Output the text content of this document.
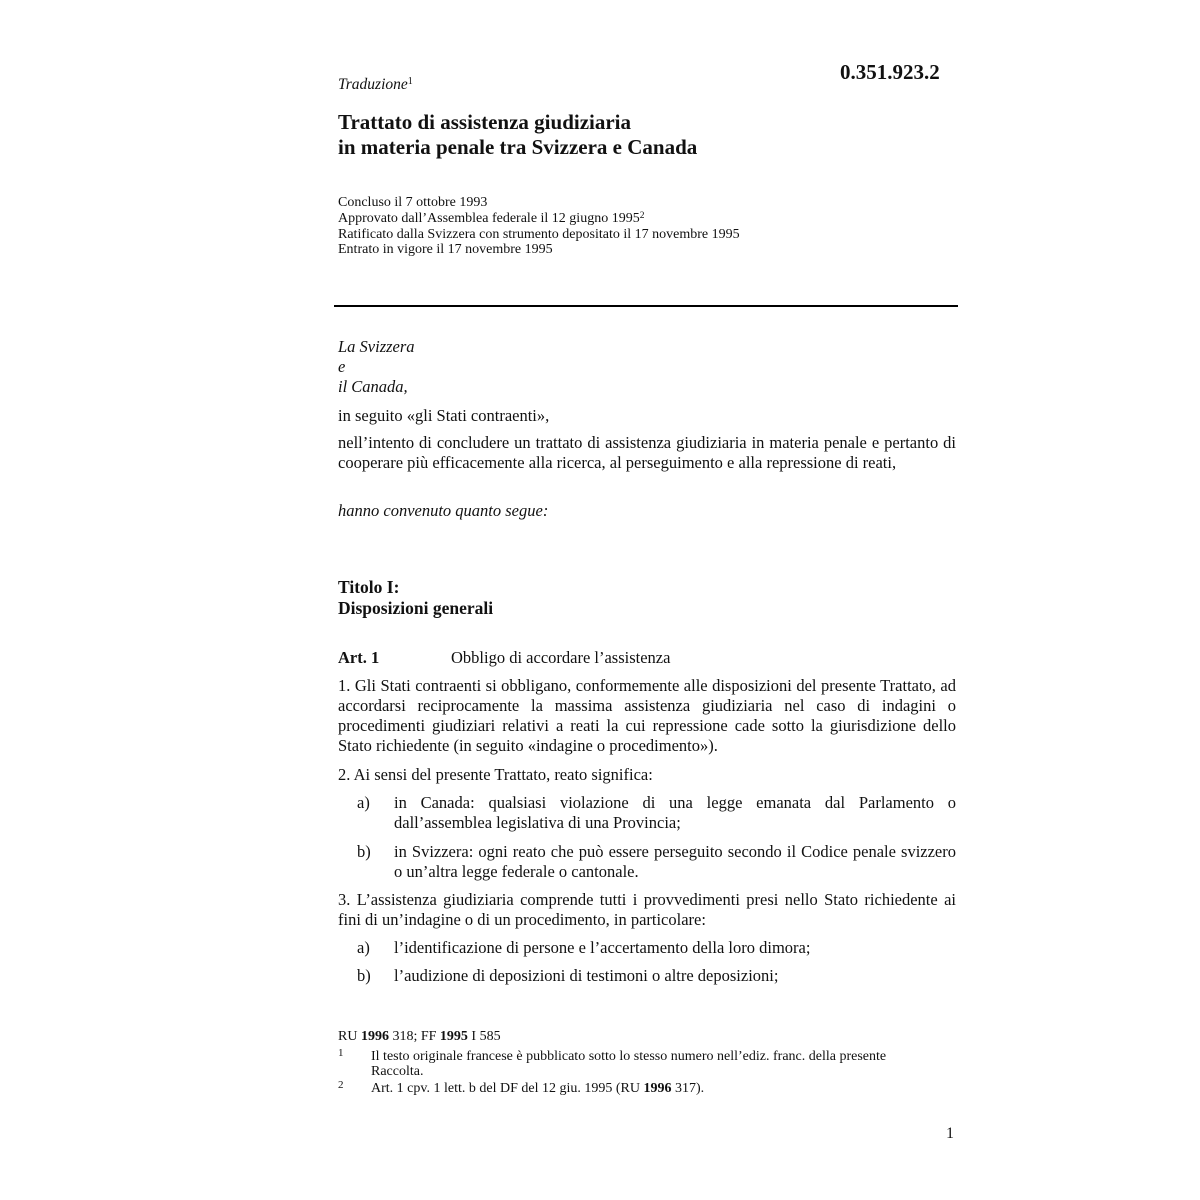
0.351.923.2
Traduzione$^1$
Trattato di assistenza giudiziaria
in materia penale tra Svizzera e Canada
Concluso il 7 ottobre 1993
Approvato dall’Assemblea federale il 12 giugno 1995$^2$
Ratificato dalla Svizzera con strumento depositato il 17 novembre 1995
Entrato in vigore il 17 novembre 1995
La Svizzera
e
il Canada,
in seguito «gli Stati contraenti»,
nell’intento di concludere un trattato di assistenza giudiziaria in materia penale e pertanto di cooperare più efficacemente alla ricerca, al perseguimento e alla repressione di reati,
hanno convenuto quanto segue:
Titolo I:
Disposizioni generali
Art. 1	Obbligo di accordare l’assistenza
1. Gli Stati contraenti si obbligano, conformemente alle disposizioni del presente Trattato, ad accordarsi reciprocamente la massima assistenza giudiziaria nel caso di indagini o procedimenti giudiziari relativi a reati la cui repressione cade sotto la giurisdizione dello Stato richiedente (in seguito «indagine o procedimento»).
2. Ai sensi del presente Trattato, reato significa:
a) in Canada: qualsiasi violazione di una legge emanata dal Parlamento o dall’assemblea legislativa di una Provincia;
b) in Svizzera: ogni reato che può essere perseguito secondo il Codice penale svizzero o un’altra legge federale o cantonale.
3. L’assistenza giudiziaria comprende tutti i provvedimenti presi nello Stato richiedente ai fini di un’indagine o di un procedimento, in particolare:
a) l’identificazione di persone e l’accertamento della loro dimora;
b) l’audizione di deposizioni di testimoni o altre deposizioni;
RU 1996 318; FF 1995 I 585
1 Il testo originale francese è pubblicato sotto lo stesso numero nell’ediz. franc. della presente Raccolta.
2 Art. 1 cpv. 1 lett. b del DF del 12 giu. 1995 (RU 1996 317).
1
